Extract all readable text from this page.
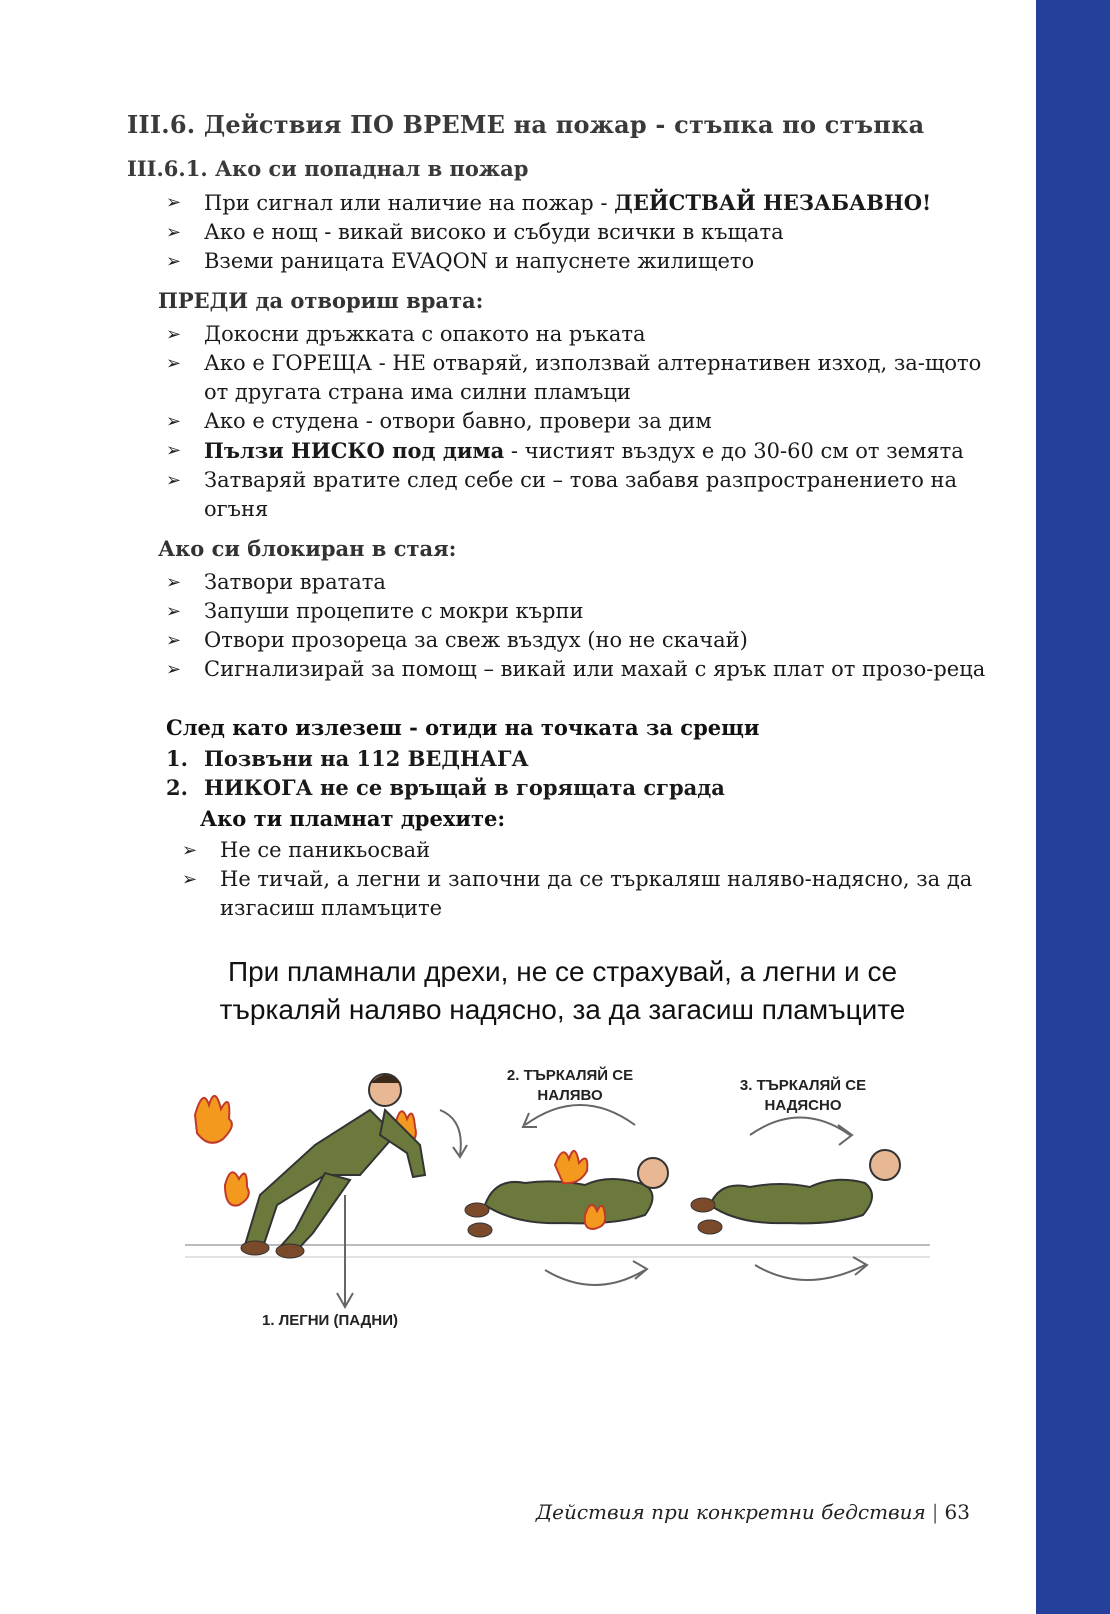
III.6. Действия ПО ВРЕМЕ на пожар - стъпка по стъпка
III.6.1. Ако си попаднал в пожар
➢ При сигнал или наличие на пожар - ДЕЙСТВАЙ НЕЗАБАВНО!
➢ Ако е нощ - викай високо и събуди всички в къщата
➢ Вземи раницата EVAQON и напуснете жилището
ПРЕДИ да отвориш врата:
➢ Докосни дръжката с опакото на ръката
➢ Ако е ГОРЕЩА - НЕ отваряй, използвай алтернативен изход, за-щото от другата страна има силни пламъци
➢ Ако е студена - отвори бавно, провери за дим
➢ Пълзи НИСКО под дима - чистият въздух е до 30-60 см от земята
➢ Затваряй вратите след себе си – това забавя разпространението на огъня
Ако си блокиран в стая:
➢ Затвори вратата
➢ Запуши процепите с мокри кърпи
➢ Отвори прозореца за свеж въздух (но не скачай)
➢ Сигнализирай за помощ – викай или махай с ярък плат от прозо-реца
След като излезеш - отиди на точката за срещи
1. Позвъни на 112 ВЕДНАГА
2. НИКОГА не се връщай в горящата сграда
Ако ти пламнат дрехите:
➢ Не се паникьосвай
➢ Не тичай, а легни и започни да се търкаляш наляво-надясно, за да изгасиш пламъците
При пламнали дрехи, не се страхувай, а легни и се
търкаляй наляво надясно, за да загасиш пламъците
1. ЛЕГНИ (ПАДНИ)
2. ТЪРКАЛЯЙ СЕ
НАЛЯВО
3. ТЪРКАЛЯЙ СЕ
НАДЯСНО
Действия при конкретни бедствия | 63
